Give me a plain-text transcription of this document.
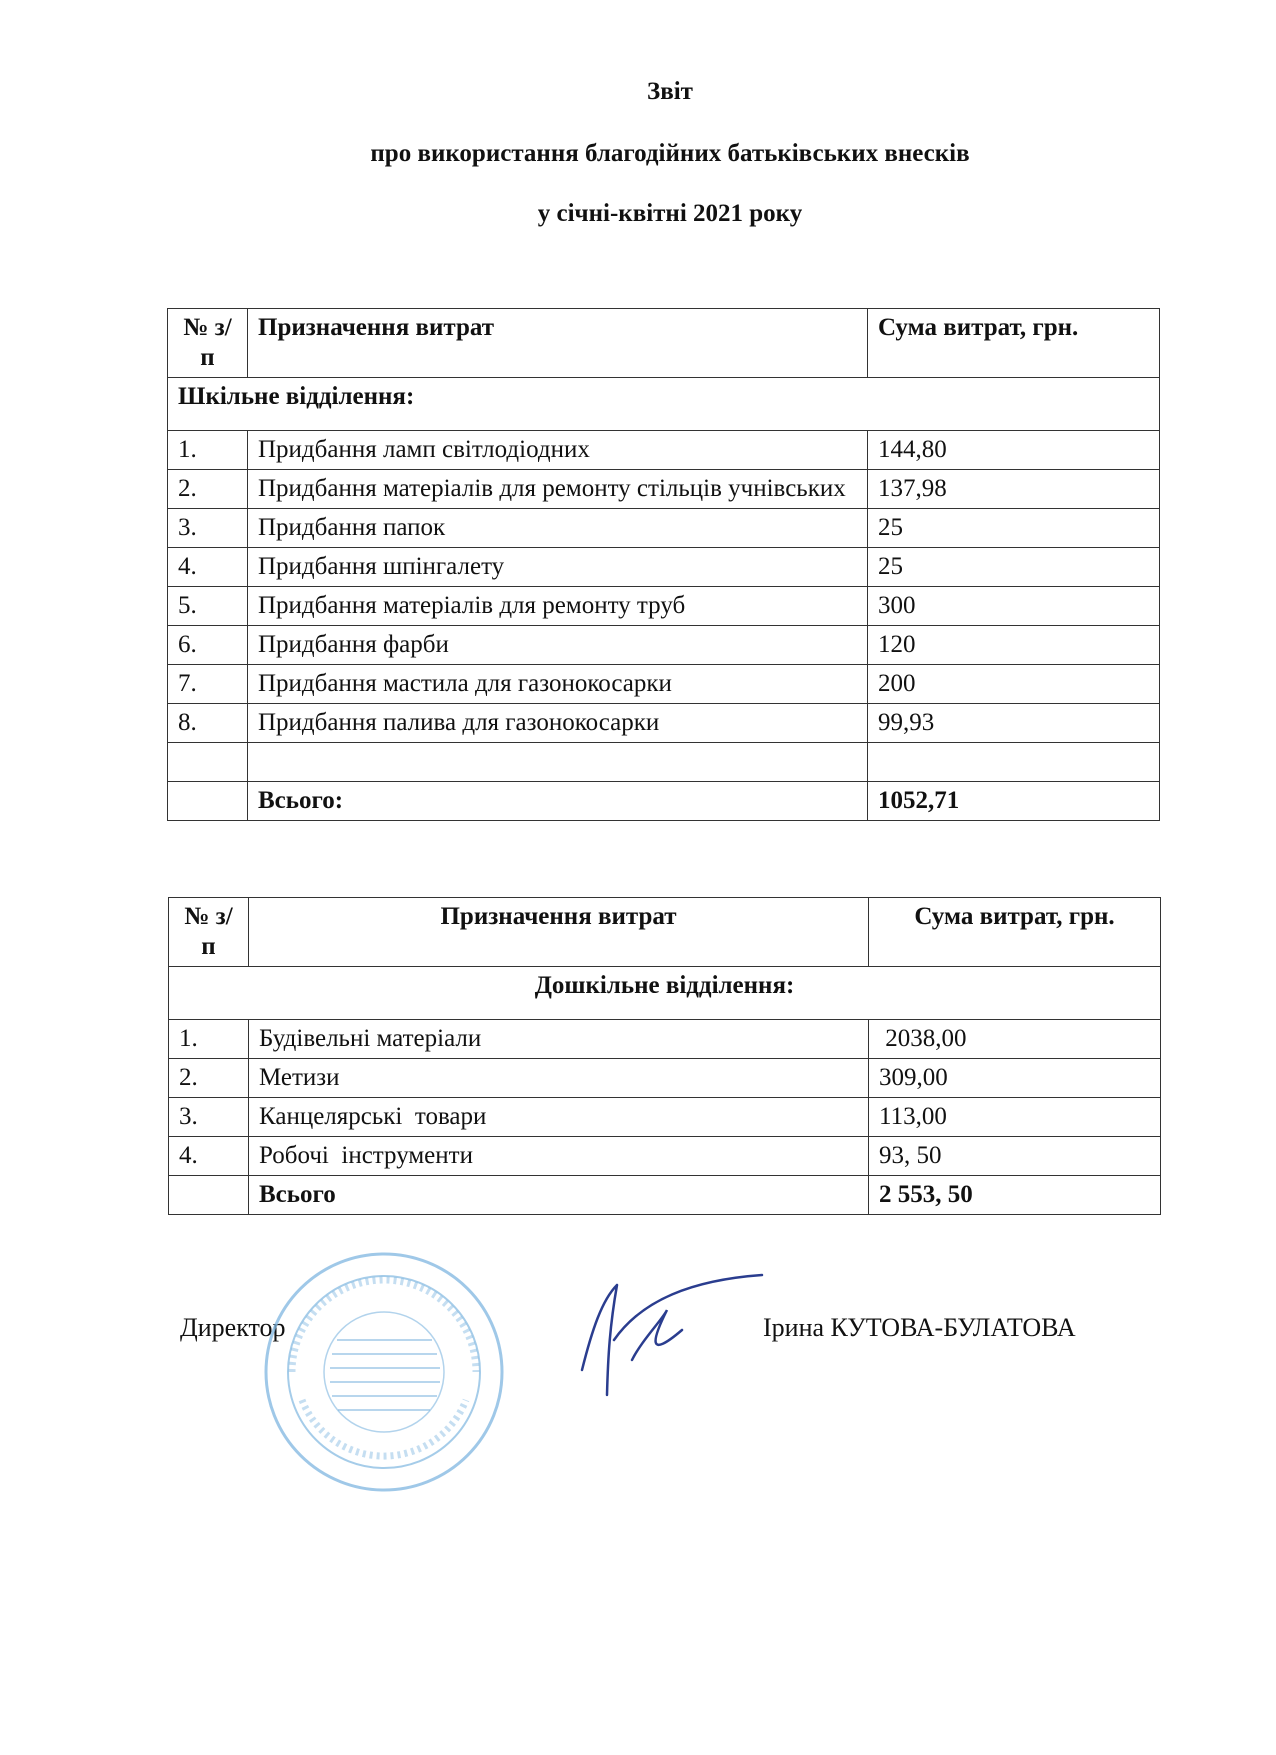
Звіт
про використання благодійних батьківських внесків
у січні-квітні 2021 року
№ з/п	Призначення витрат	Сума витрат, грн.
Шкільне відділення:		
1.	Придбання ламп світлодіодних	144,80
2.	Придбання матеріалів для ремонту стільців учнівських	137,98
3.	Придбання папок	25
4.	Придбання шпінгалету	25
5.	Придбання матеріалів для ремонту труб	300
6.	Придбання фарби	120
7.	Придбання мастила для газонокосарки	200
8.	Придбання палива для газонокосарки	99,93

	Всього:	1052,71
№ з/п	Призначення витрат	Сума витрат, грн.
Дошкільне відділення:		
1.	Будівельні матеріали	2038,00
2.	Метизи	309,00
3.	Канцелярські  товари	113,00
4.	Робочі  інструменти	93, 50
	Всього	2 553, 50
Директор	Ірина КУТОВА-БУЛАТОВА
